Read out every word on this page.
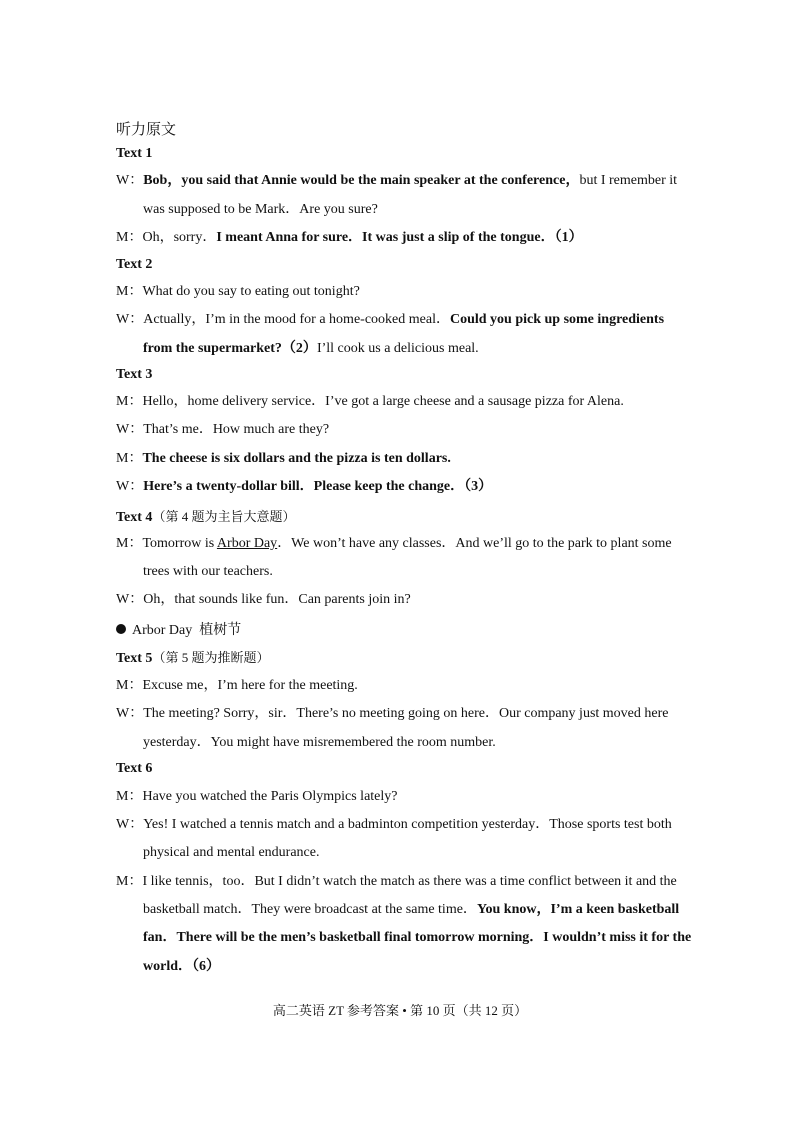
听力原文
Text 1
W：Bob，you said that Annie would be the main speaker at the conference，but I remember it
was supposed to be Mark．Are you sure?
M：Oh，sorry．I meant Anna for sure．It was just a slip of the tongue．（1）
Text 2
M：What do you say to eating out tonight?
W：Actually，I’m in the mood for a home-cooked meal．Could you pick up some ingredients
from the supermarket?（2）I’ll cook us a delicious meal.
Text 3
M：Hello，home delivery service．I’ve got a large cheese and a sausage pizza for Alena.
W：That’s me．How much are they?
M：The cheese is six dollars and the pizza is ten dollars.
W：Here’s a twenty-dollar bill．Please keep the change．（3）
Text 4（第 4 题为主旨大意题）
M：Tomorrow is Arbor Day．We won’t have any classes．And we’ll go to the park to plant some
trees with our teachers.
W：Oh，that sounds like fun．Can parents join in?
Arbor Day 植树节
Text 5（第 5 题为推断题）
M：Excuse me，I’m here for the meeting.
W：The meeting? Sorry，sir．There’s no meeting going on here．Our company just moved here
yesterday．You might have misremembered the room number.
Text 6
M：Have you watched the Paris Olympics lately?
W：Yes! I watched a tennis match and a badminton competition yesterday．Those sports test both
physical and mental endurance.
M：I like tennis，too．But I didn’t watch the match as there was a time conflict between it and the
basketball match．They were broadcast at the same time．You know，I’m a keen basketball
fan．There will be the men’s basketball final tomorrow morning．I wouldn’t miss it for the
world．（6）
高二英语 ZT 参考答案 • 第 10 页（共 12 页）
